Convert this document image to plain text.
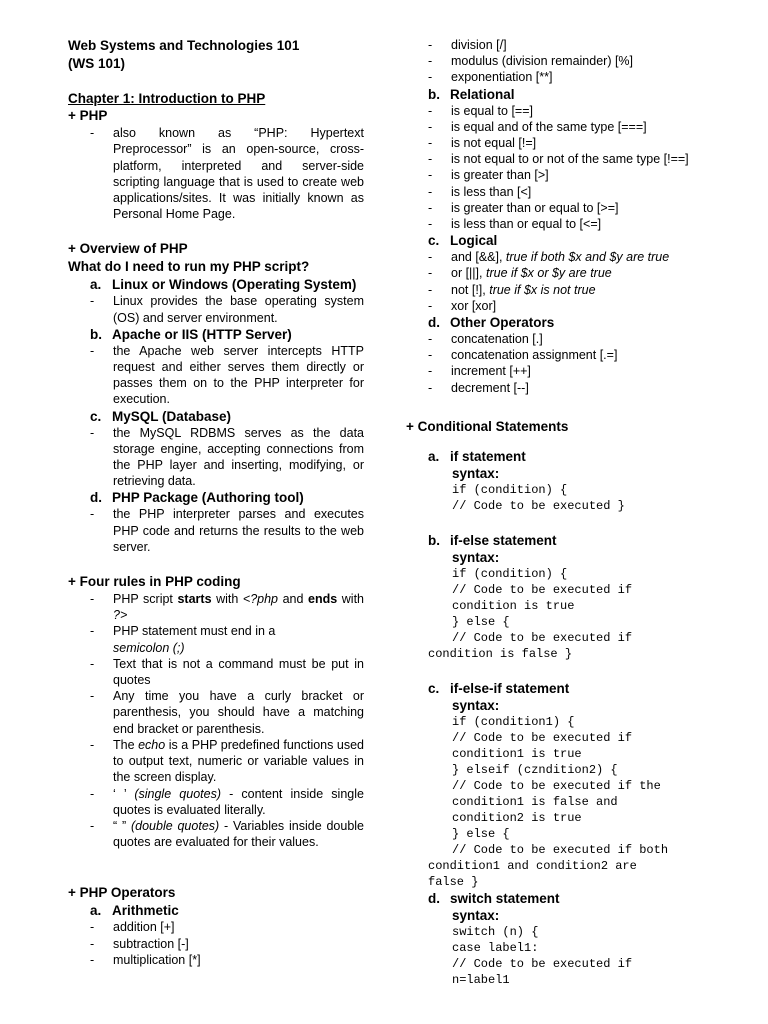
Web Systems and Technologies 101
(WS 101)
Chapter 1: Introduction to PHP
+ PHP
- also known as “PHP: Hypertext Preprocessor” is an open-source, cross-platform, interpreted and server-side scripting language that is used to create web applications/sites. It was initially known as Personal Home Page.
+ Overview of PHP
What do I need to run my PHP script?
a. Linux or Windows (Operating System)
- Linux provides the base operating system (OS) and server environment.
b. Apache or IIS (HTTP Server)
- the Apache web server intercepts HTTP request and either serves them directly or passes them on to the PHP interpreter for execution.
c. MySQL (Database)
- the MySQL RDBMS serves as the data storage engine, accepting connections from the PHP layer and inserting, modifying, or retrieving data.
d. PHP Package (Authoring tool)
- the PHP interpreter parses and executes PHP code and returns the results to the web server.
+ Four rules in PHP coding
- PHP script starts with <?php and ends with ?>
- PHP statement must end in a
semicolon (;)
- Text that is not a command must be put in quotes
- Any time you have a curly bracket or parenthesis, you should have a matching end bracket or parenthesis.
- The echo is a PHP predefined functions used to output text, numeric or variable values in the screen display.
- ‘ ’ (single quotes) - content inside single quotes is evaluated literally.
- “ ” (double quotes) - Variables inside double quotes are evaluated for their values.
+ PHP Operators
a. Arithmetic
- addition [+]
- subtraction [-]
- multiplication [*]
- division [/]
- modulus (division remainder) [%]
- exponentiation [**]
b. Relational
- is equal to [==]
- is equal and of the same type [===]
- is not equal [!=]
- is not equal to or not of the same type [!==]
- is greater than [>]
- is less than [<]
- is greater than or equal to [>=]
- is less than or equal to [<=]
c. Logical
- and [&&], true if both $x and $y are true
- or [||], true if $x or $y are true
- not [!], true if $x is not true
- xor [xor]
d. Other Operators
- concatenation [.]
- concatenation assignment [.=]
- increment [++]
- decrement [--]
+ Conditional Statements
a. if statement
syntax:
if (condition) {
// Code to be executed }
b. if-else statement
syntax:
if (condition) {
// Code to be executed if
condition is true
} else {
// Code to be executed if
condition is false }
c. if-else-if statement
syntax:
if (condition1) {
// Code to be executed if
condition1 is true
} elseif (czndition2) {
// Code to be executed if the
condition1 is false and
condition2 is true
} else {
// Code to be executed if both
condition1 and condition2 are
false }
d. switch statement
syntax:
switch (n) {
case label1:
// Code to be executed if
n=label1
